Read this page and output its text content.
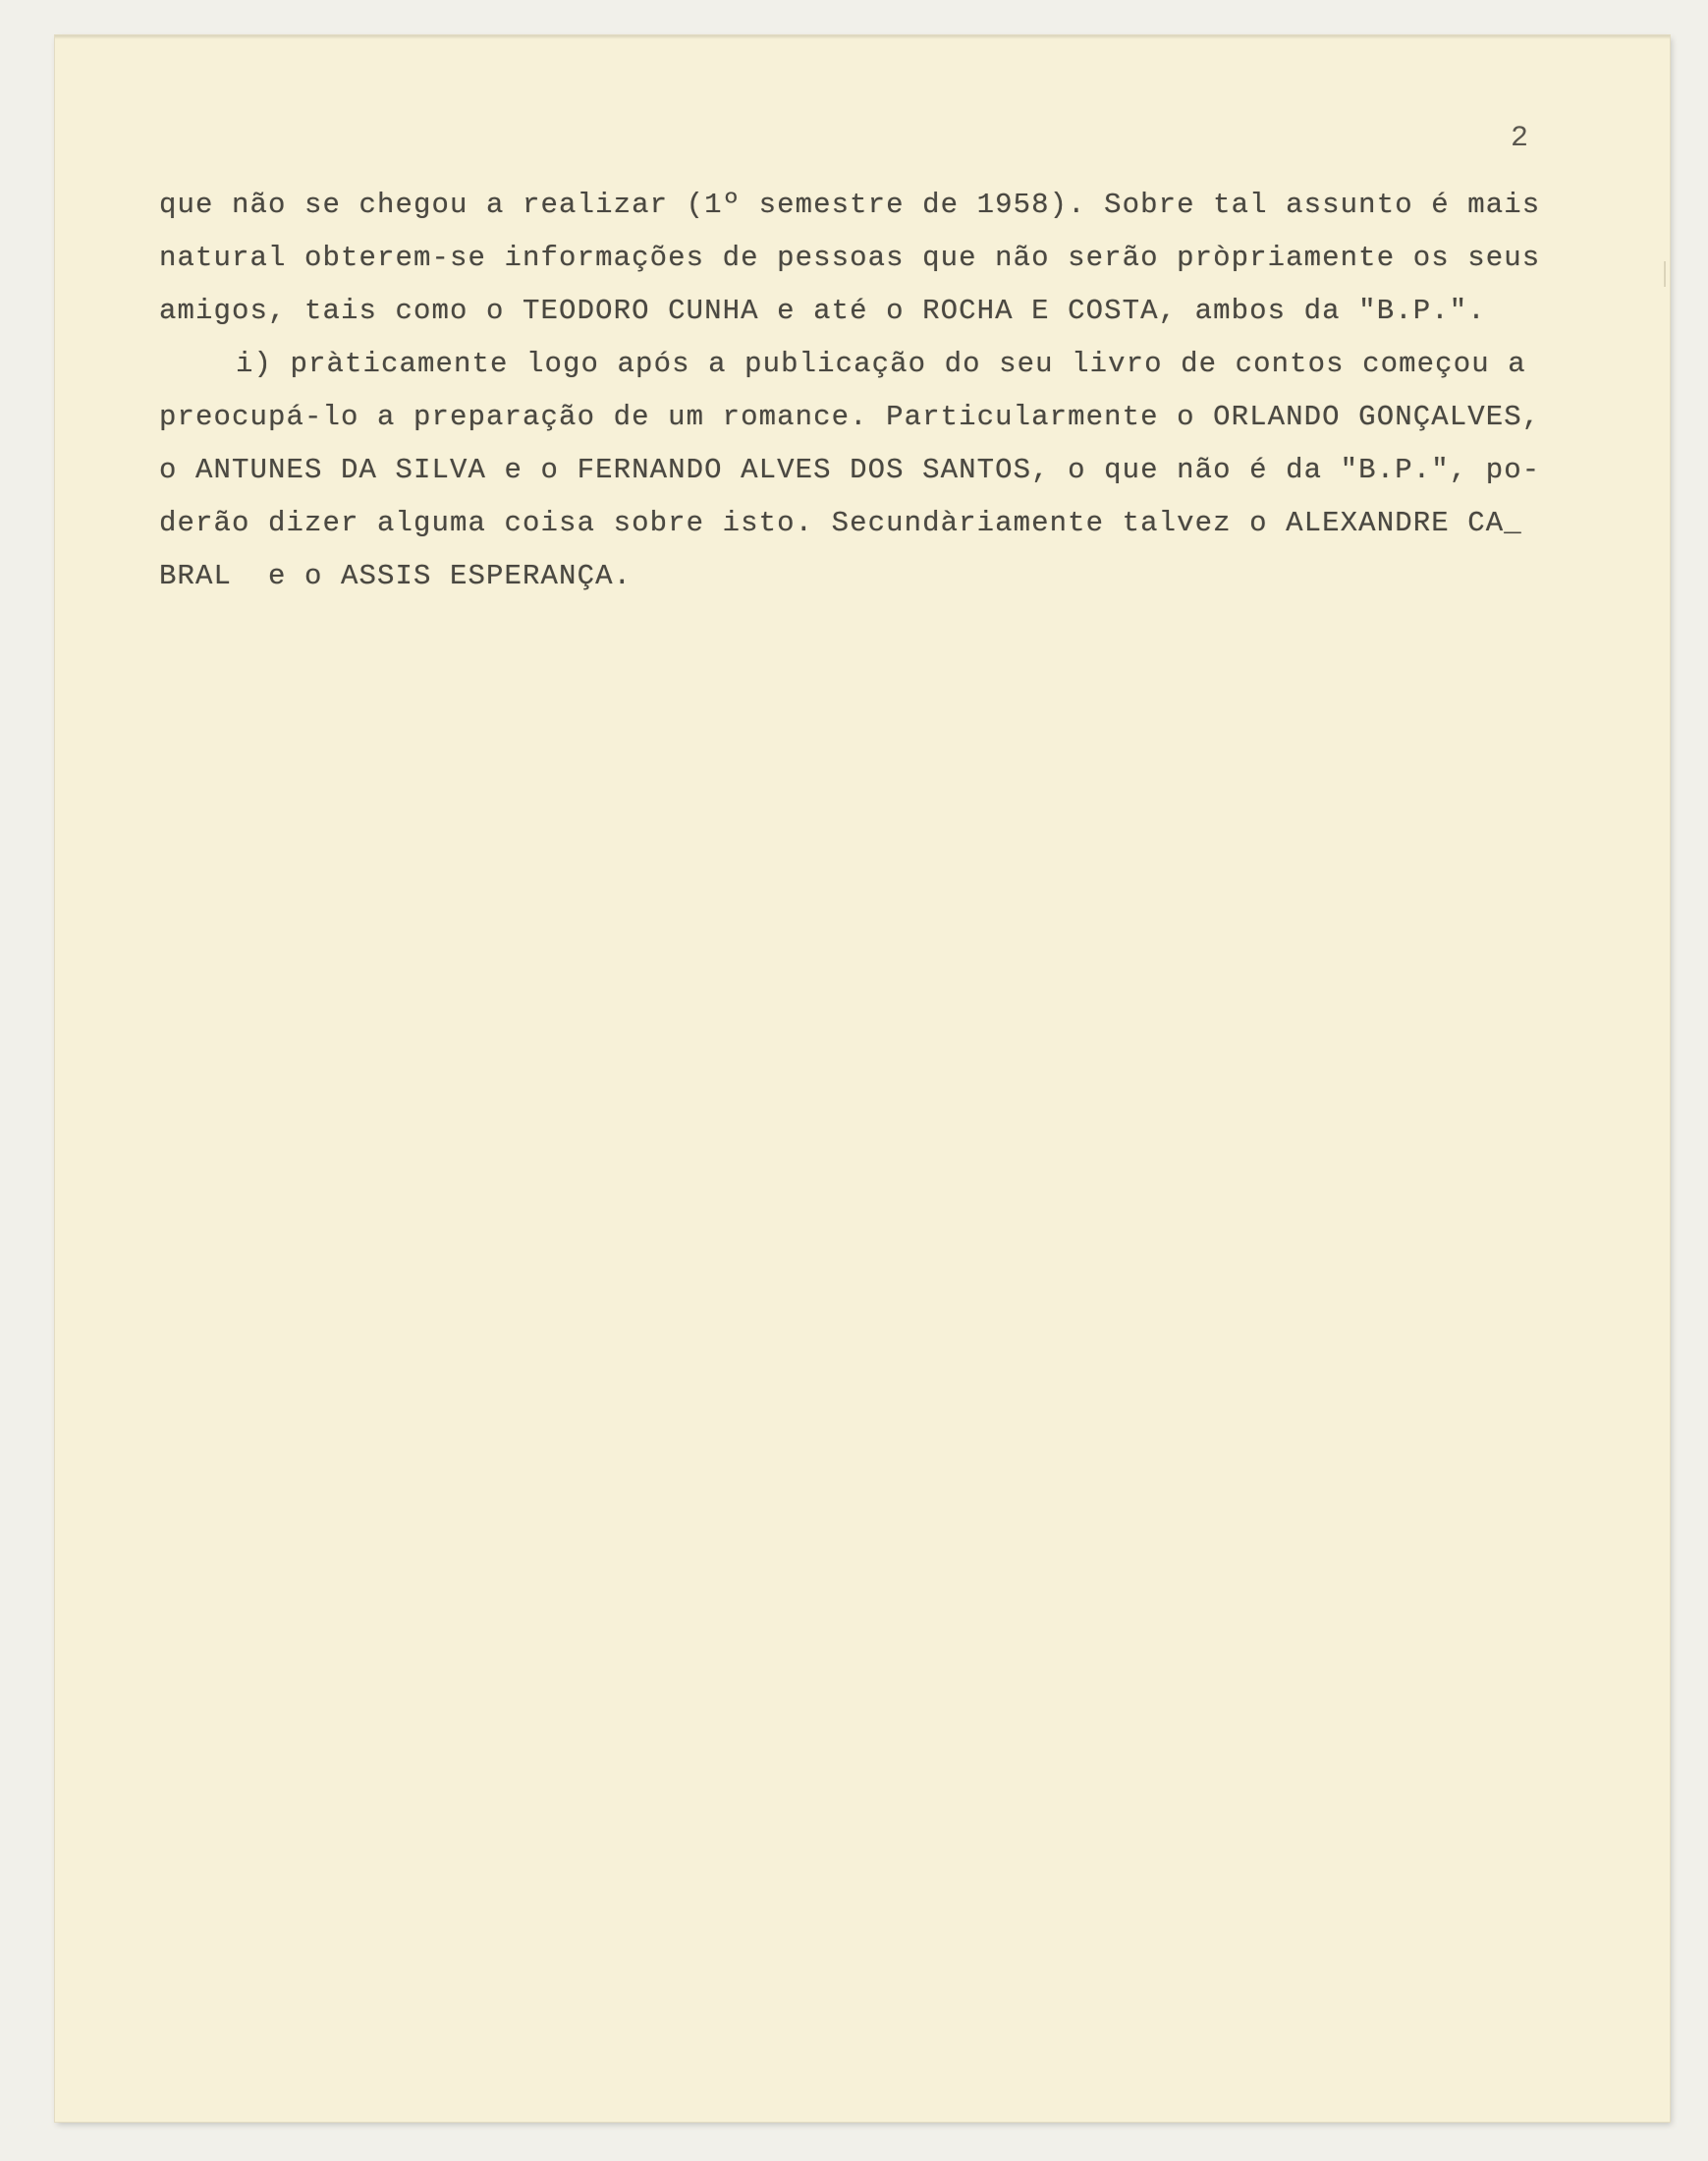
2
que não se chegou a realizar (1º semestre de 1958). Sobre tal assunto é mais
natural obterem-se informações de pessoas que não serão pròpriamente os seus
amigos, tais como o TEODORO CUNHA e até o ROCHA E COSTA, ambos da "B.P.".
i) pràticamente logo após a publicação do seu livro de contos começou a
preocupá-lo a preparação de um romance. Particularmente o ORLANDO GONÇALVES,
o ANTUNES DA SILVA e o FERNANDO ALVES DOS SANTOS, o que não é da "B.P.", po-
derão dizer alguma coisa sobre isto. Secundàriamente talvez o ALEXANDRE CA_
BRAL  e o ASSIS ESPERANÇA.
